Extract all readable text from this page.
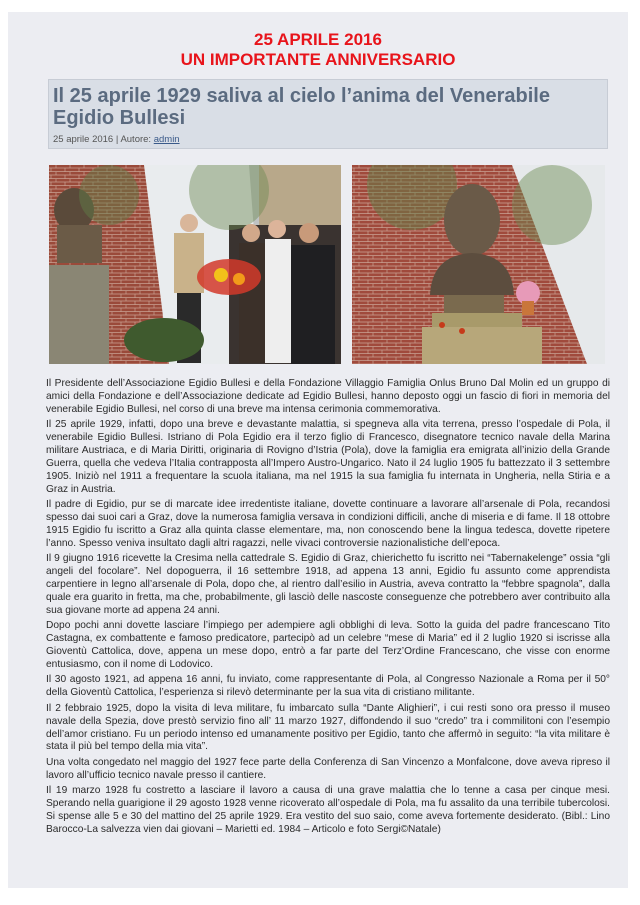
25 APRILE 2016
UN IMPORTANTE ANNIVERSARIO
Il 25 aprile 1929 saliva al cielo l’anima del Venerabile Egidio Bullesi
25 aprile 2016 | Autore: admin

Il Presidente dell’Associazione Egidio Bullesi e della Fondazione Villaggio Famiglia Onlus Bruno Dal Molin ed un gruppo di amici della Fondazione e dell’Associazione dedicate ad Egidio Bullesi, hanno deposto oggi un fascio di fiori in memoria del venerabile Egidio Bullesi, nel corso di una breve ma intensa cerimonia commemorativa.

Il 25 aprile 1929, infatti, dopo una breve e devastante malattia, si spegneva alla vita terrena, presso l’ospedale di Pola, il venerabile Egidio Bullesi. Istriano di Pola Egidio era il terzo figlio di Francesco, disegnatore tecnico navale della Marina militare Austriaca, e di Maria Diritti, originaria di Rovigno d’Istria (Pola), dove la famiglia era emigrata all’inizio della Grande Guerra, quella che vedeva l’Italia contrapposta all’Impero Austro-Ungarico. Nato il 24 luglio 1905 fu battezzato il 3 settembre 1905. Iniziò nel 1911 a frequentare la scuola italiana, ma nel 1915 la sua famiglia fu internata in Ungheria, nella Stiria e a Graz in Austria.

Il padre di Egidio, pur se di marcate idee irredentiste italiane, dovette continuare a lavorare all’arsenale di Pola, recandosi spesso dai suoi cari a Graz, dove la numerosa famiglia versava in condizioni difficili, anche di miseria e di fame. Il 18 ottobre 1915 Egidio fu iscritto a Graz alla quinta classe elementare, ma, non conoscendo bene la lingua tedesca, dovette ripetere l’anno. Spesso veniva insultato dagli altri ragazzi, nelle vivaci controversie nazionalistiche dell’epoca.

Il 9 giugno 1916 ricevette la Cresima nella cattedrale S. Egidio di Graz, chierichetto fu iscritto nei “Tabernakelenge” ossia “gli angeli del focolare”. Nel dopoguerra, il 16 settembre 1918, ad appena 13 anni, Egidio fu assunto come apprendista carpentiere in legno all’arsenale di Pola, dopo che, al rientro dall’esilio in Austria, aveva contratto la “febbre spagnola”, dalla quale era guarito in fretta, ma che, probabilmente, gli lasciò delle nascoste conseguenze che potrebbero aver contribuito alla sua giovane morte ad appena 24 anni.

Dopo pochi anni dovette lasciare l’impiego per adempiere agli obblighi di leva. Sotto la guida del padre francescano Tito Castagna, ex combattente e famoso predicatore, partecipò ad un celebre “mese di Maria” ed il 2 luglio 1920 si iscrisse alla Gioventù Cattolica, dove, appena un mese dopo, entrò a far parte del Terz’Ordine Francescano, che visse con enorme entusiasmo, con il nome di Lodovico.

Il 30 agosto 1921, ad appena 16 anni, fu inviato, come rappresentante di Pola, al Congresso Nazionale a Roma per il 50° della Gioventù Cattolica, l’esperienza si rilevò determinante per la sua vita di cristiano militante.

Il 2 febbraio 1925, dopo la visita di leva militare, fu imbarcato sulla “Dante Alighieri”, i cui resti sono ora presso il museo navale della Spezia, dove prestò servizio fino all’ 11 marzo 1927, diffondendo il suo “credo” tra i commilitoni con l’esempio dell’amor cristiano. Fu un periodo intenso ed umanamente positivo per Egidio, tanto che affermò in seguito: “la vita militare è stata il più bel tempo della mia vita”.

Una volta congedato nel maggio del 1927 fece parte della Conferenza di San Vincenzo a Monfalcone, dove aveva ripreso il lavoro all’ufficio tecnico navale presso il cantiere.

Il 19 marzo 1928 fu costretto a lasciare il lavoro a causa di una grave malattia che lo tenne a casa per cinque mesi. Sperando nella guarigione il 29 agosto 1928 venne ricoverato all’ospedale di Pola, ma fu assalito da una terribile tubercolosi. Si spense alle 5 e 30 del mattino del 25 aprile 1929. Era vestito del suo saio, come aveva fortemente desiderato. (Bibl.: Lino Barocco-La salvezza vien dai giovani – Marietti ed. 1984 – Articolo e foto Sergi©Natale)
